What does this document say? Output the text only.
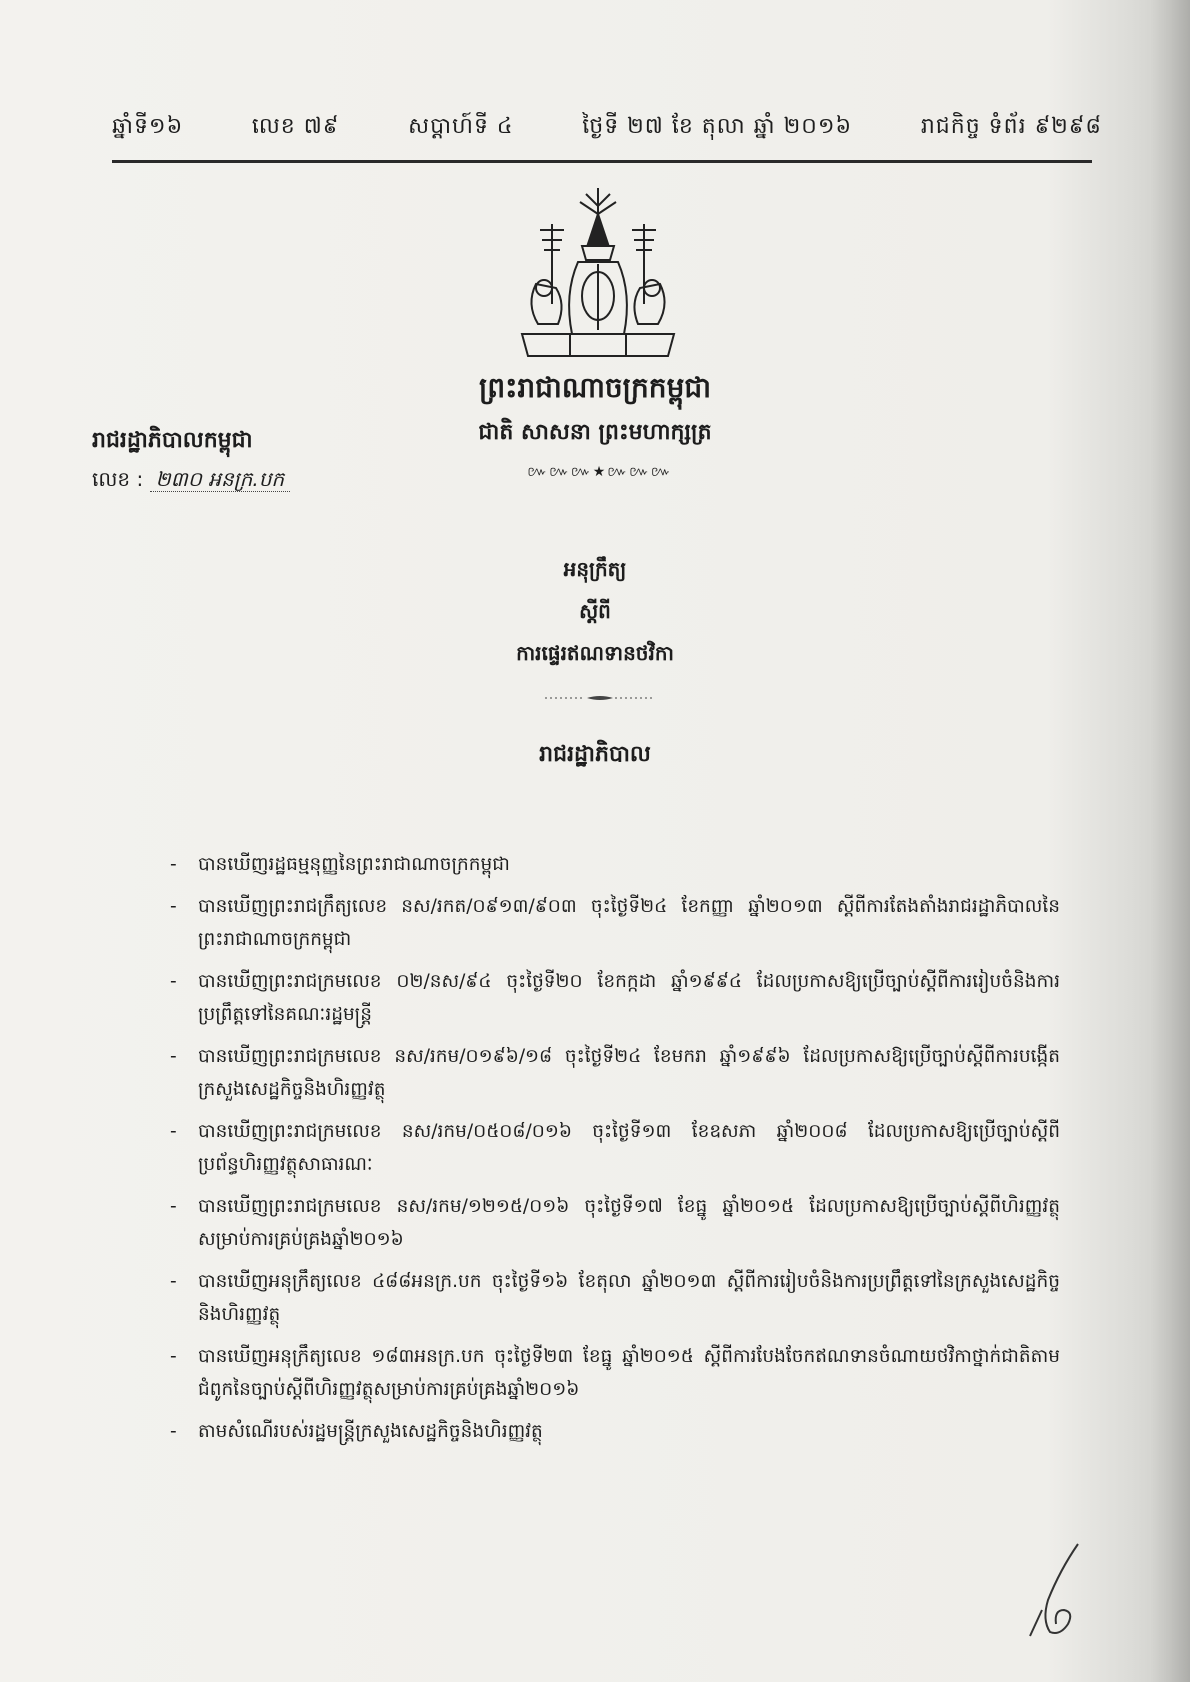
ឆ្នាំទី១៦	លេខ ៧៩	សប្តាហ៍ទី ៤	ថ្ងៃទី ២៧ ខែ តុលា ឆ្នាំ ២០១៦	រាជកិច្ច ទំព័រ ៩២៩៨
ព្រះរាជាណាចក្រកម្ពុជា
ជាតិ សាសនា ព្រះមហាក្សត្រ
៚៚៚★៚៚៚
រាជរដ្ឋាភិបាលកម្ពុជា
លេខ : ២៣០ អនក្រ.បក
អនុក្រឹត្យ
ស្តីពី
ការផ្ទេរឥណទានថវិកា
រាជរដ្ឋាភិបាល
- បានឃើញរដ្ឋធម្មនុញ្ញនៃព្រះរាជាណាចក្រកម្ពុជា
- បានឃើញព្រះរាជក្រឹត្យលេខ នស/រកត/០៩១៣/៩០៣ ចុះថ្ងៃទី២៤ ខែកញ្ញា ឆ្នាំ២០១៣ ស្តីពីការតែងតាំងរាជរដ្ឋាភិបាលនៃព្រះរាជាណាចក្រកម្ពុជា
- បានឃើញព្រះរាជក្រមលេខ ០២/នស/៩៤ ចុះថ្ងៃទី២០ ខែកក្កដា ឆ្នាំ១៩៩៤ ដែលប្រកាសឱ្យប្រើច្បាប់ស្តីពីការរៀបចំនិងការប្រព្រឹត្តទៅនៃគណៈរដ្ឋមន្ត្រី
- បានឃើញព្រះរាជក្រមលេខ នស/រកម/០១៩៦/១៨ ចុះថ្ងៃទី២៤ ខែមករា ឆ្នាំ១៩៩៦ ដែលប្រកាសឱ្យប្រើច្បាប់ស្តីពីការបង្កើតក្រសួងសេដ្ឋកិច្ចនិងហិរញ្ញវត្ថុ
- បានឃើញព្រះរាជក្រមលេខ នស/រកម/០៥០៨/០១៦ ចុះថ្ងៃទី១៣ ខែឧសភា ឆ្នាំ២០០៨ ដែលប្រកាសឱ្យប្រើច្បាប់ស្តីពីប្រព័ន្ធហិរញ្ញវត្ថុសាធារណៈ
- បានឃើញព្រះរាជក្រមលេខ នស/រកម/១២១៥/០១៦ ចុះថ្ងៃទី១៧ ខែធ្នូ ឆ្នាំ២០១៥ ដែលប្រកាសឱ្យប្រើច្បាប់ស្តីពីហិរញ្ញវត្ថុសម្រាប់ការគ្រប់គ្រងឆ្នាំ២០១៦
- បានឃើញអនុក្រឹត្យលេខ ៤៨៨អនក្រ.បក ចុះថ្ងៃទី១៦ ខែតុលា ឆ្នាំ២០១៣ ស្តីពីការរៀបចំនិងការប្រព្រឹត្តទៅនៃក្រសួងសេដ្ឋកិច្ចនិងហិរញ្ញវត្ថុ
- បានឃើញអនុក្រឹត្យលេខ ១៨៣អនក្រ.បក ចុះថ្ងៃទី២៣ ខែធ្នូ ឆ្នាំ២០១៥ ស្តីពីការបែងចែកឥណទានចំណាយថវិកាថ្នាក់ជាតិតាមជំពូកនៃច្បាប់ស្តីពីហិរញ្ញវត្ថុសម្រាប់ការគ្រប់គ្រងឆ្នាំ២០១៦
- តាមសំណើរបស់រដ្ឋមន្ត្រីក្រសួងសេដ្ឋកិច្ចនិងហិរញ្ញវត្ថុ
